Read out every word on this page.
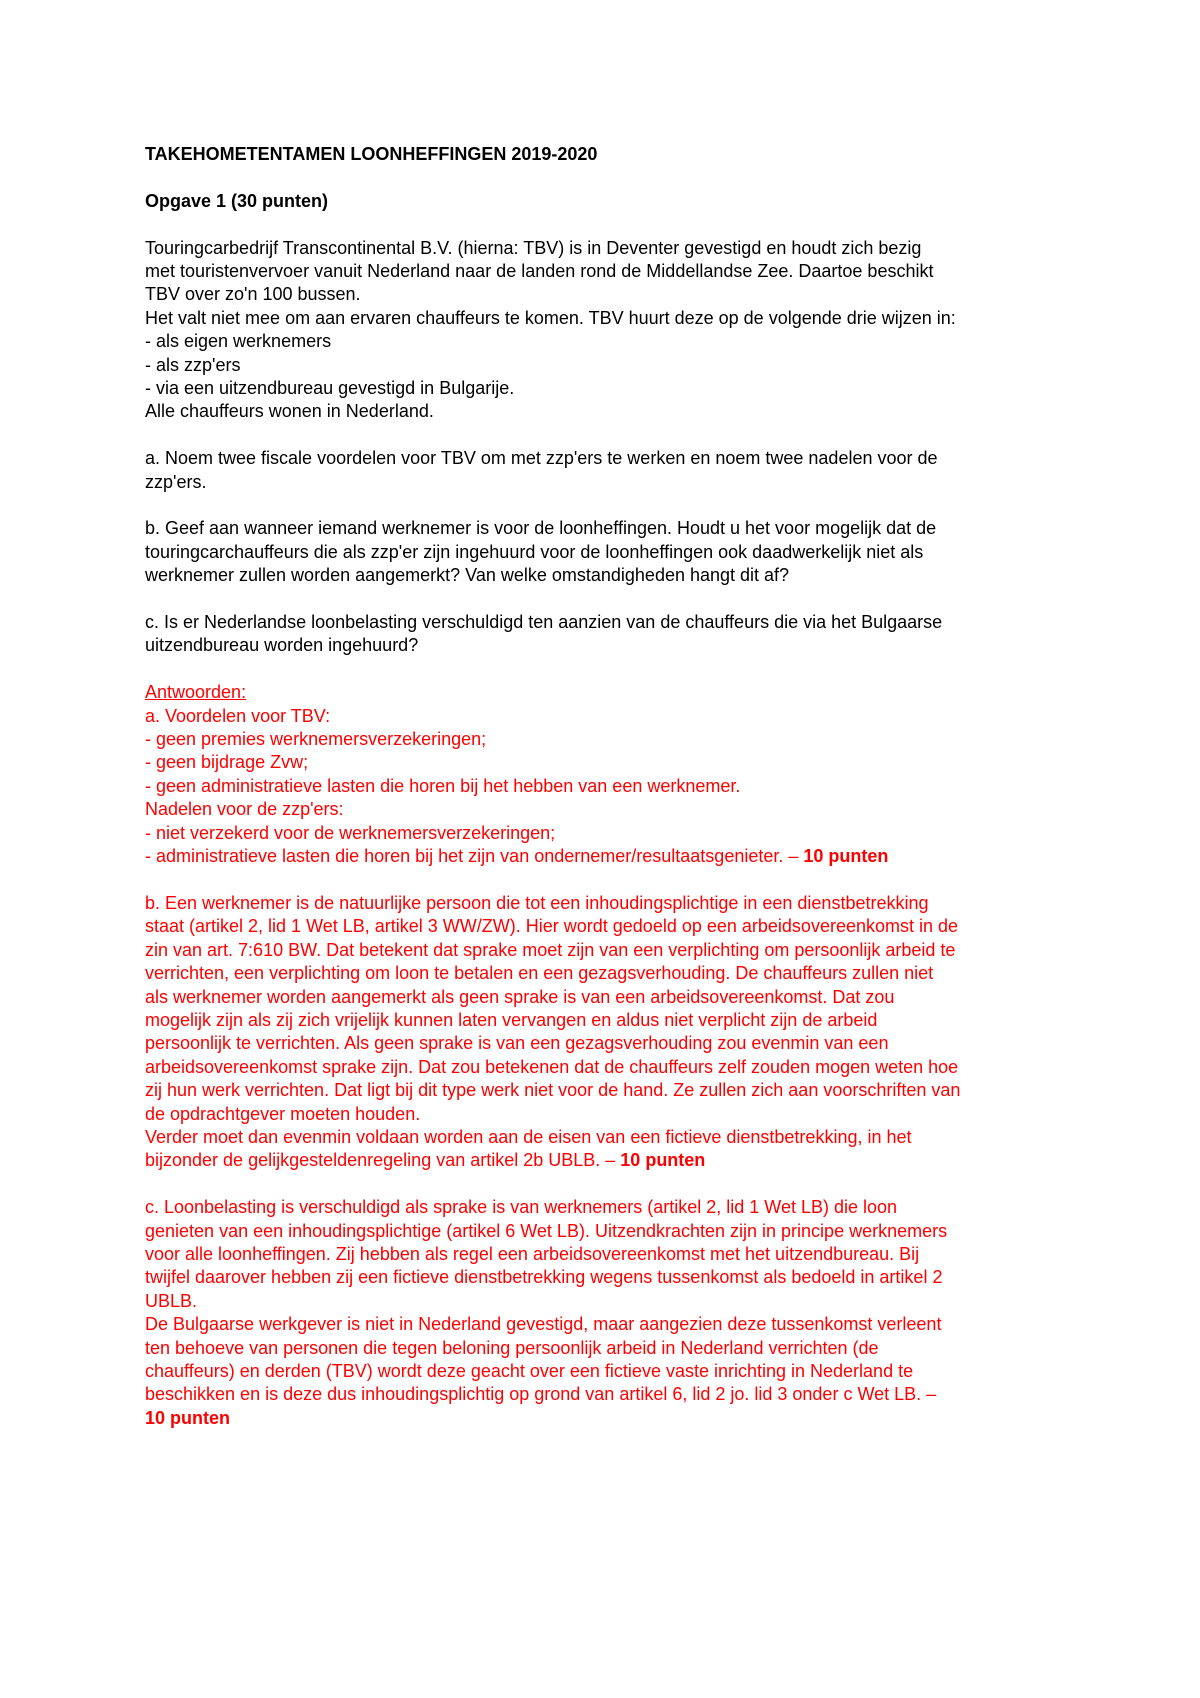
TAKEHOMETENTAMEN LOONHEFFINGEN 2019-2020
Opgave 1 (30 punten)
Touringcarbedrijf Transcontinental B.V. (hierna: TBV) is in Deventer gevestigd en houdt zich bezig
met touristenvervoer vanuit Nederland naar de landen rond de Middellandse Zee. Daartoe beschikt
TBV over zo'n 100 bussen.
Het valt niet mee om aan ervaren chauffeurs te komen. TBV huurt deze op de volgende drie wijzen in:
- als eigen werknemers
- als zzp'ers
- via een uitzendbureau gevestigd in Bulgarije.
Alle chauffeurs wonen in Nederland.
a. Noem twee fiscale voordelen voor TBV om met zzp'ers te werken en noem twee nadelen voor de
zzp'ers.
b. Geef aan wanneer iemand werknemer is voor de loonheffingen. Houdt u het voor mogelijk dat de
touringcarchauffeurs die als zzp'er zijn ingehuurd voor de loonheffingen ook daadwerkelijk niet als
werknemer zullen worden aangemerkt? Van welke omstandigheden hangt dit af?
c. Is er Nederlandse loonbelasting verschuldigd ten aanzien van de chauffeurs die via het Bulgaarse
uitzendbureau worden ingehuurd?
Antwoorden:
a. Voordelen voor TBV:
- geen premies werknemersverzekeringen;
- geen bijdrage Zvw;
- geen administratieve lasten die horen bij het hebben van een werknemer.
Nadelen voor de zzp'ers:
- niet verzekerd voor de werknemersverzekeringen;
- administratieve lasten die horen bij het zijn van ondernemer/resultaatsgenieter. – 10 punten
b. Een werknemer is de natuurlijke persoon die tot een inhoudingsplichtige in een dienstbetrekking
staat (artikel 2, lid 1 Wet LB, artikel 3 WW/ZW). Hier wordt gedoeld op een arbeidsovereenkomst in de
zin van art. 7:610 BW. Dat betekent dat sprake moet zijn van een verplichting om persoonlijk arbeid te
verrichten, een verplichting om loon te betalen en een gezagsverhouding. De chauffeurs zullen niet
als werknemer worden aangemerkt als geen sprake is van een arbeidsovereenkomst. Dat zou
mogelijk zijn als zij zich vrijelijk kunnen laten vervangen en aldus niet verplicht zijn de arbeid
persoonlijk te verrichten. Als geen sprake is van een gezagsverhouding zou evenmin van een
arbeidsovereenkomst sprake zijn. Dat zou betekenen dat de chauffeurs zelf zouden mogen weten hoe
zij hun werk verrichten. Dat ligt bij dit type werk niet voor de hand. Ze zullen zich aan voorschriften van
de opdrachtgever moeten houden.
Verder moet dan evenmin voldaan worden aan de eisen van een fictieve dienstbetrekking, in het
bijzonder de gelijkgesteldenregeling van artikel 2b UBLB. – 10 punten
c. Loonbelasting is verschuldigd als sprake is van werknemers (artikel 2, lid 1 Wet LB) die loon
genieten van een inhoudingsplichtige (artikel 6 Wet LB). Uitzendkrachten zijn in principe werknemers
voor alle loonheffingen. Zij hebben als regel een arbeidsovereenkomst met het uitzendbureau. Bij
twijfel daarover hebben zij een fictieve dienstbetrekking wegens tussenkomst als bedoeld in artikel 2
UBLB.
De Bulgaarse werkgever is niet in Nederland gevestigd, maar aangezien deze tussenkomst verleent
ten behoeve van personen die tegen beloning persoonlijk arbeid in Nederland verrichten (de
chauffeurs) en derden (TBV) wordt deze geacht over een fictieve vaste inrichting in Nederland te
beschikken en is deze dus inhoudingsplichtig op grond van artikel 6, lid 2 jo. lid 3 onder c Wet LB. –
10 punten
